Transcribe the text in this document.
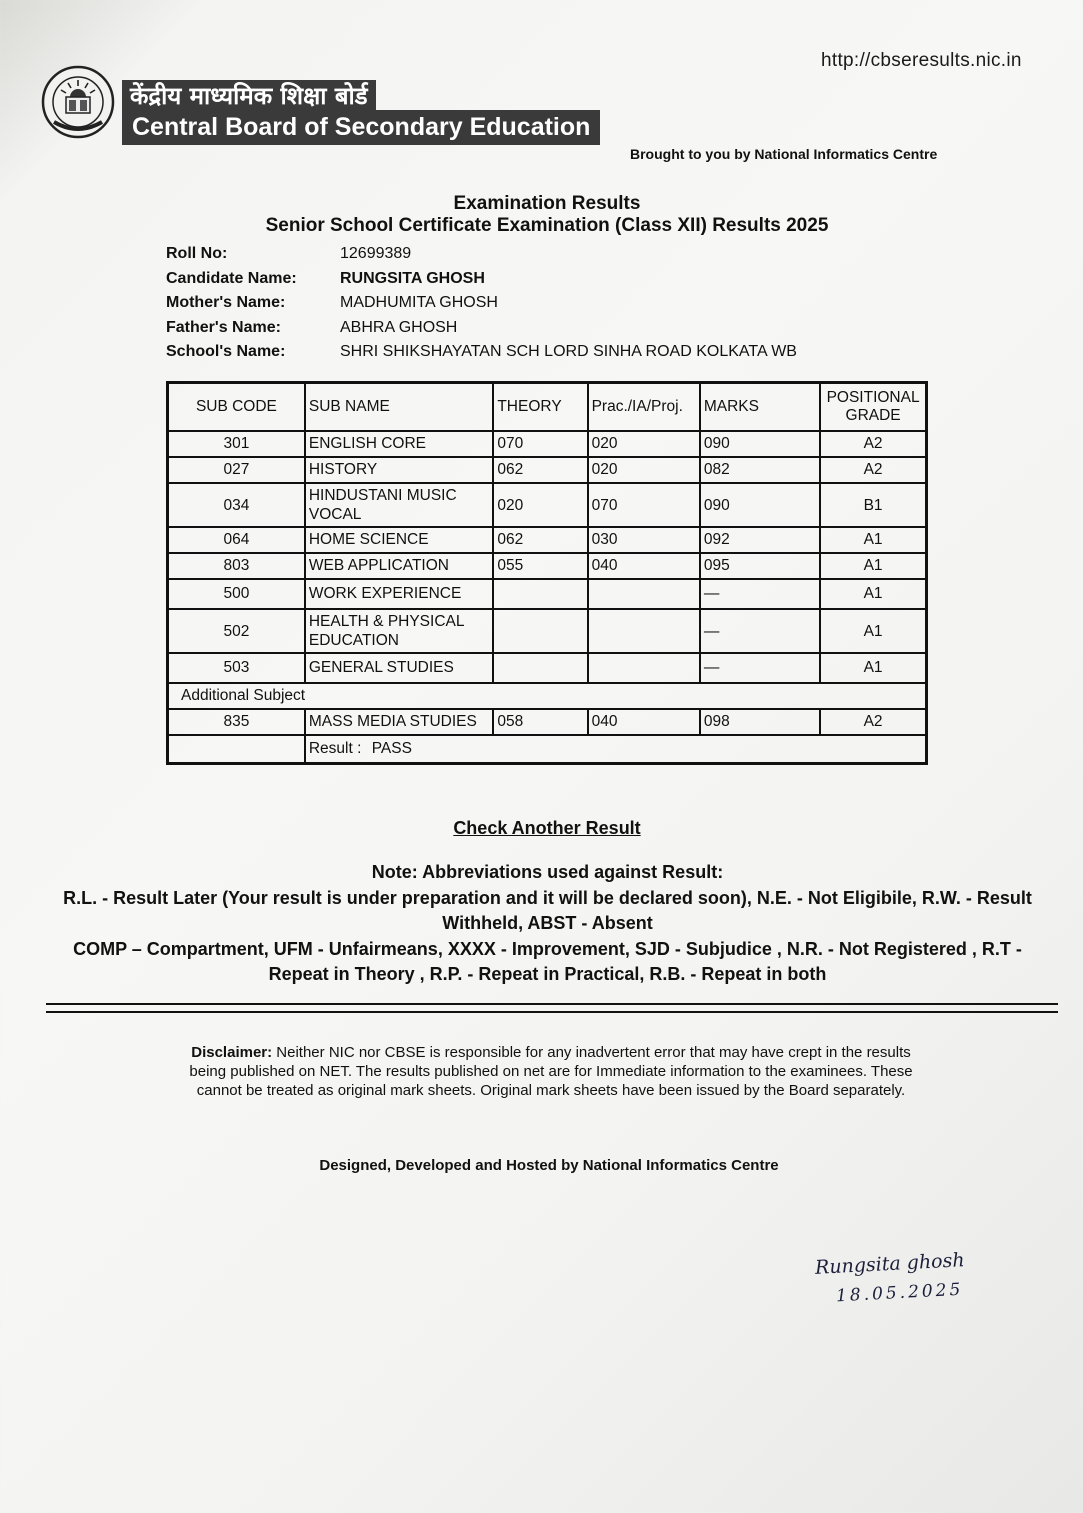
http://cbseresults.nic.in
केंद्रीय माध्यमिक शिक्षा बोर्ड
Central Board of Secondary Education
Brought to you by National Informatics Centre
Examination Results
Senior School Certificate Examination (Class XII) Results 2025
Roll No:	12699389
Candidate Name:	RUNGSITA GHOSH
Mother's Name:	MADHUMITA GHOSH
Father's Name:	ABHRA GHOSH
School's Name:	SHRI SHIKSHAYATAN SCH LORD SINHA ROAD KOLKATA WB
SUB CODE	SUB NAME	THEORY	Prac./IA/Proj.	MARKS	POSITIONAL GRADE
301	ENGLISH CORE	070	020	090	A2
027	HISTORY	062	020	082	A2
034	HINDUSTANI MUSIC VOCAL	020	070	090	B1
064	HOME SCIENCE	062	030	092	A1
803	WEB APPLICATION	055	040	095	A1
500	WORK EXPERIENCE			—	A1
502	HEALTH & PHYSICAL EDUCATION			—	A1
503	GENERAL STUDIES			—	A1
Additional Subject					
835	MASS MEDIA STUDIES	058	040	098	A2
	Result : PASS				
Check Another Result
Note: Abbreviations used against Result:
R.L. - Result Later (Your result is under preparation and it will be declared soon), N.E. - Not Eligibile, R.W. - Result Withheld, ABST - Absent
COMP – Compartment, UFM - Unfairmeans, XXXX - Improvement, SJD - Subjudice , N.R. - Not Registered , R.T - Repeat in Theory , R.P. - Repeat in Practical, R.B. - Repeat in both
Disclaimer: Neither NIC nor CBSE is responsible for any inadvertent error that may have crept in the results being published on NET. The results published on net are for Immediate information to the examinees. These cannot be treated as original mark sheets. Original mark sheets have been issued by the Board separately.
Designed, Developed and Hosted by National Informatics Centre
Rungsita ghosh
18.05.2025
